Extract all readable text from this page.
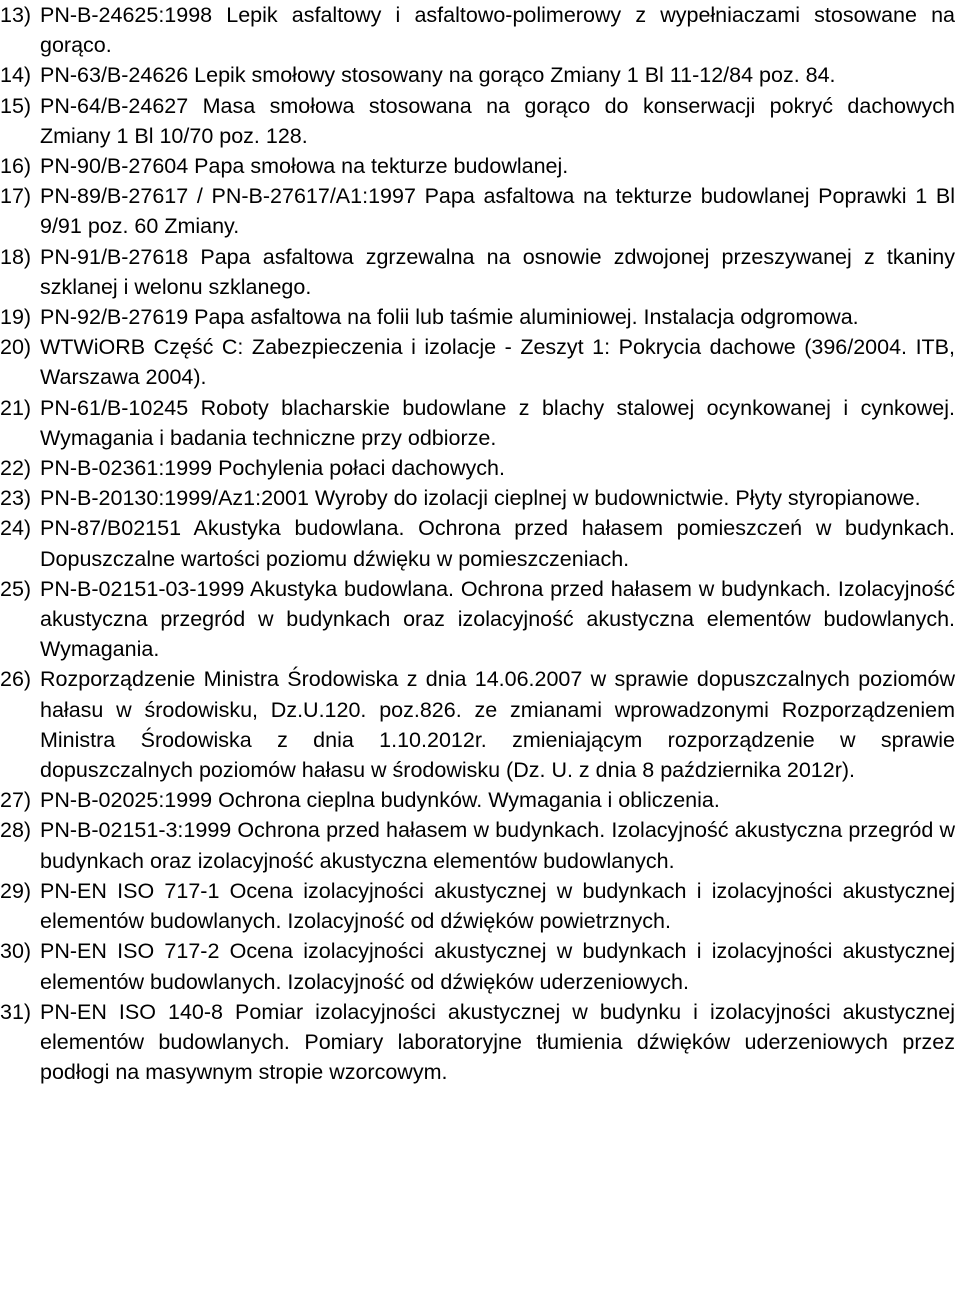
13) PN-B-24625:1998 Lepik asfaltowy i asfaltowo-polimerowy z wypełniaczami stosowane na gorąco.
14) PN-63/B-24626 Lepik smołowy stosowany na gorąco Zmiany 1 Bl 11-12/84 poz. 84.
15) PN-64/B-24627 Masa smołowa stosowana na gorąco do konserwacji pokryć dachowych Zmiany 1 Bl 10/70 poz. 128.
16) PN-90/B-27604 Papa smołowa na tekturze budowlanej.
17) PN-89/B-27617 / PN-B-27617/A1:1997 Papa asfaltowa na tekturze budowlanej Poprawki 1 Bl 9/91 poz. 60 Zmiany.
18) PN-91/B-27618 Papa asfaltowa zgrzewalna na osnowie zdwojonej przeszywanej z tkaniny szklanej i welonu szklanego.
19) PN-92/B-27619 Papa asfaltowa na folii lub taśmie aluminiowej. Instalacja odgromowa.
20) WTWiORB Część C: Zabezpieczenia i izolacje - Zeszyt 1: Pokrycia dachowe (396/2004. ITB, Warszawa 2004).
21) PN-61/B-10245 Roboty blacharskie budowlane z blachy stalowej ocynkowanej i cynkowej. Wymagania i badania techniczne przy odbiorze.
22) PN-B-02361:1999 Pochylenia połaci dachowych.
23) PN-B-20130:1999/Az1:2001 Wyroby do izolacji cieplnej w budownictwie. Płyty styropianowe.
24) PN-87/B02151 Akustyka budowlana. Ochrona przed hałasem pomieszczeń w budynkach. Dopuszczalne wartości poziomu dźwięku w pomieszczeniach.
25) PN-B-02151-03-1999 Akustyka budowlana. Ochrona przed hałasem w budynkach. Izolacyjność akustyczna przegród w budynkach oraz izolacyjność akustyczna elementów budowlanych. Wymagania.
26) Rozporządzenie Ministra Środowiska z dnia 14.06.2007 w sprawie dopuszczalnych poziomów hałasu w środowisku, Dz.U.120. poz.826. ze zmianami wprowadzonymi Rozporządzeniem Ministra Środowiska z dnia 1.10.2012r. zmieniającym rozporządzenie w sprawie dopuszczalnych poziomów hałasu w środowisku (Dz. U. z dnia 8 października 2012r).
27) PN-B-02025:1999 Ochrona cieplna budynków. Wymagania i obliczenia.
28) PN-B-02151-3:1999 Ochrona przed hałasem w budynkach. Izolacyjność akustyczna przegród w budynkach oraz izolacyjność akustyczna elementów budowlanych.
29) PN-EN ISO 717-1 Ocena izolacyjności akustycznej w budynkach i izolacyjności akustycznej elementów budowlanych. Izolacyjność od dźwięków powietrznych.
30) PN-EN ISO 717-2 Ocena izolacyjności akustycznej w budynkach i izolacyjności akustycznej elementów budowlanych. Izolacyjność od dźwięków uderzeniowych.
31) PN-EN ISO 140-8 Pomiar izolacyjności akustycznej w budynku i izolacyjności akustycznej elementów budowlanych. Pomiary laboratoryjne tłumienia dźwięków uderzeniowych przez podłogi na masywnym stropie wzorcowym.
